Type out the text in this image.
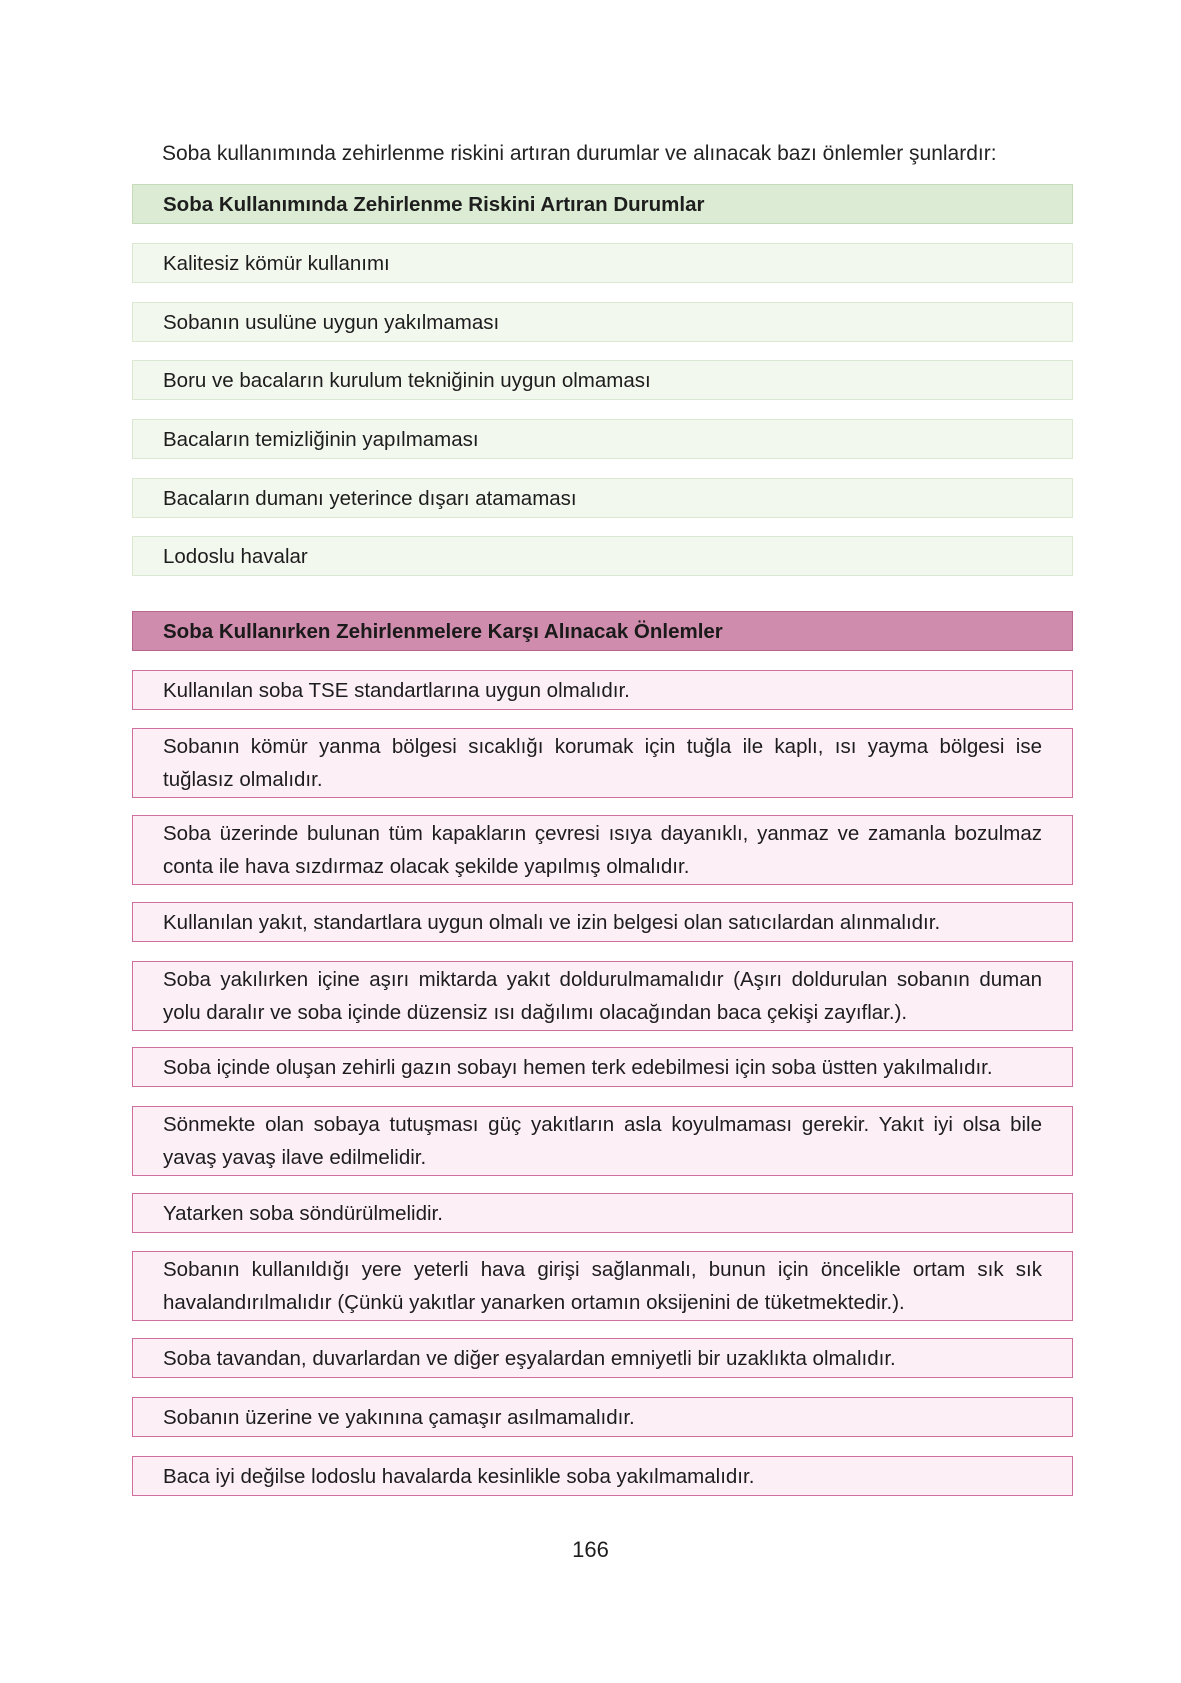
Soba kullanımında zehirlenme riskini artıran durumlar ve alınacak bazı önlemler şunlardır:
Soba Kullanımında Zehirlenme Riskini Artıran Durumlar
Kalitesiz kömür kullanımı
Sobanın usulüne uygun yakılmaması
Boru ve bacaların kurulum tekniğinin uygun olmaması
Bacaların temizliğinin yapılmaması
Bacaların dumanı yeterince dışarı atamaması
Lodoslu havalar
Soba Kullanırken Zehirlenmelere Karşı Alınacak Önlemler
Kullanılan soba TSE standartlarına uygun olmalıdır.
Sobanın kömür yanma bölgesi sıcaklığı korumak için tuğla ile kaplı, ısı yayma bölgesi ise tuğlasız olmalıdır.
Soba üzerinde bulunan tüm kapakların çevresi ısıya dayanıklı, yanmaz ve zamanla bozulmaz conta ile hava sızdırmaz olacak şekilde yapılmış olmalıdır.
Kullanılan yakıt, standartlara uygun olmalı ve izin belgesi olan satıcılardan alınmalıdır.
Soba yakılırken içine aşırı miktarda yakıt doldurulmamalıdır (Aşırı doldurulan sobanın duman yolu daralır ve soba içinde düzensiz ısı dağılımı olacağından baca çekişi zayıflar.).
Soba içinde oluşan zehirli gazın sobayı hemen terk edebilmesi için soba üstten yakılmalıdır.
Sönmekte olan sobaya tutuşması güç yakıtların asla koyulmaması gerekir. Yakıt iyi olsa bile yavaş yavaş ilave edilmelidir.
Yatarken soba söndürülmelidir.
Sobanın kullanıldığı yere yeterli hava girişi sağlanmalı, bunun için öncelikle ortam sık sık havalandırılmalıdır (Çünkü yakıtlar yanarken ortamın oksijenini de tüketmektedir.).
Soba tavandan, duvarlardan ve diğer eşyalardan emniyetli bir uzaklıkta olmalıdır.
Sobanın üzerine ve yakınına çamaşır asılmamalıdır.
Baca iyi değilse lodoslu havalarda kesinlikle soba yakılmamalıdır.
166
